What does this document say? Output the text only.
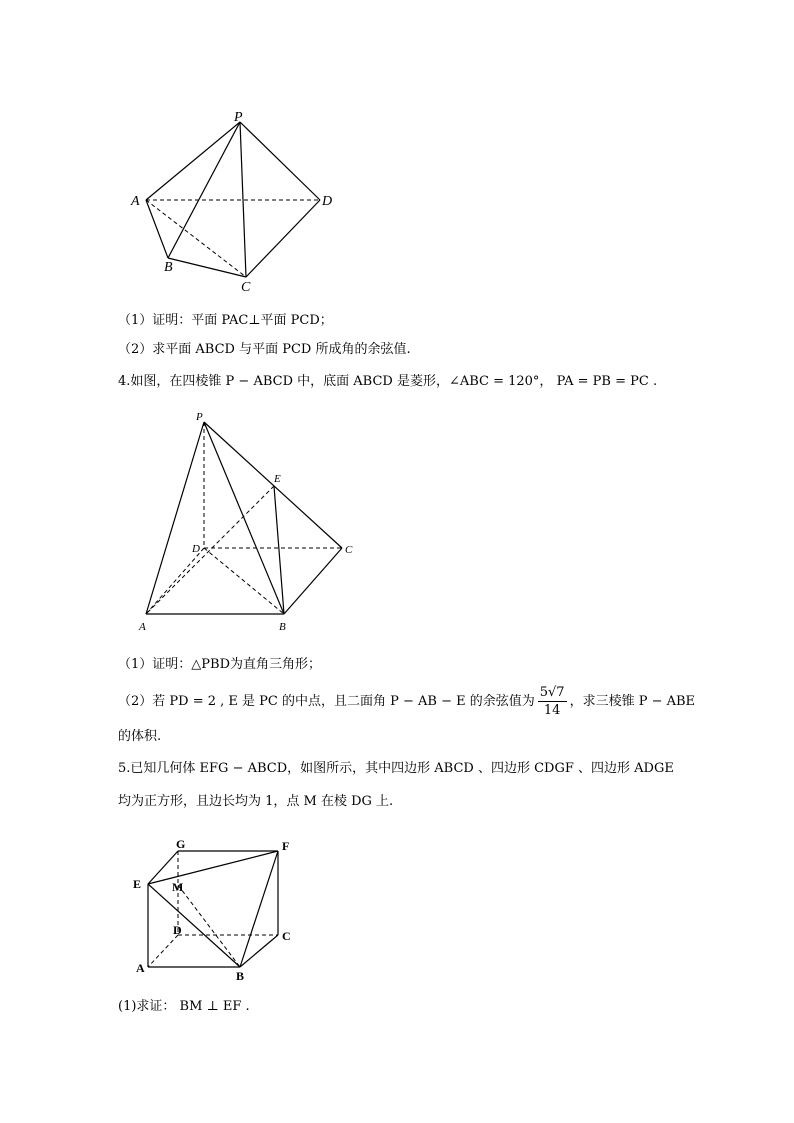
P
A	D
B
C
P
E
D	C
A	B
G	F
E	M
D	C
A
B
（1）证明：平面 PAC⊥平面 PCD；
（2）求平面 ABCD 与平面 PCD 所成角的余弦值.
4.如图，在四棱锥 P − ABCD 中，底面 ABCD 是菱形，∠ABC = 120°， PA = PB = PC .
（1）证明：△PBD为直角三角形；
（2）若 PD = 2 , E 是 PC 的中点，且二面角 P − AB − E 的余弦值为 $\frac{5√7}{14}$ ，求三棱锥 P − ABE
的体积.
5.已知几何体 EFG − ABCD，如图所示，其中四边形 ABCD 、四边形 CDGF 、四边形 ADGE
均为正方形，且边长均为 1，点 M 在棱 DG 上.
(1)求证： BM ⊥ EF .
